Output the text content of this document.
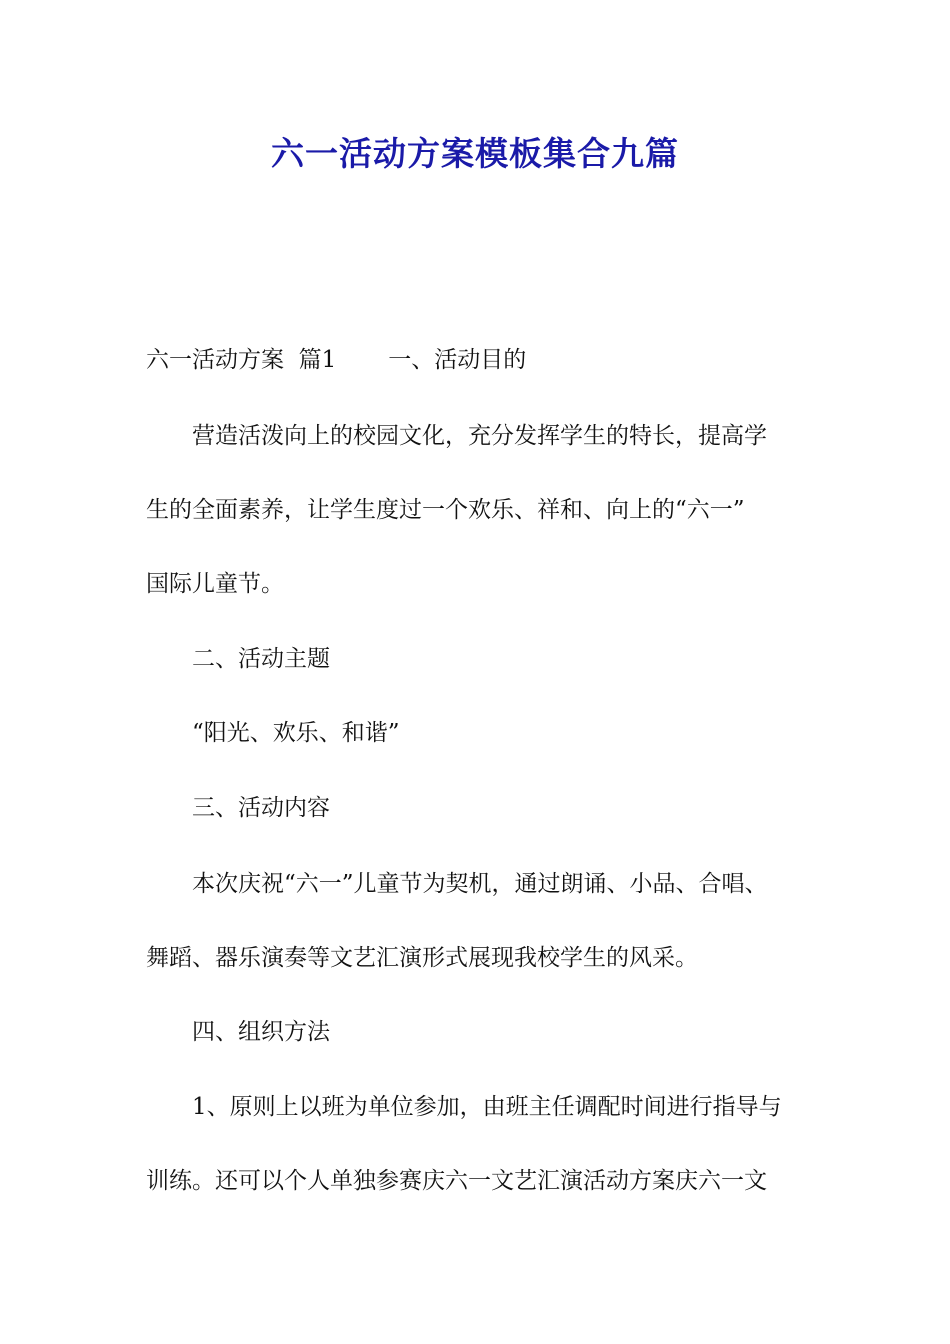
六一活动方案模板集合九篇

六一活动方案 篇1 一、活动目的

营造活泼向上的校园文化，充分发挥学生的特长，提高学

生的全面素养，让学生度过一个欢乐、祥和、向上的“六一”

国际儿童节。

二、活动主题

“阳光、欢乐、和谐”

三、活动内容

本次庆祝“六一”儿童节为契机，通过朗诵、小品、合唱、

舞蹈、器乐演奏等文艺汇演形式展现我校学生的风采。

四、组织方法

1、原则上以班为单位参加，由班主任调配时间进行指导与

训练。还可以个人单独参赛庆六一文艺汇演活动方案庆六一文
